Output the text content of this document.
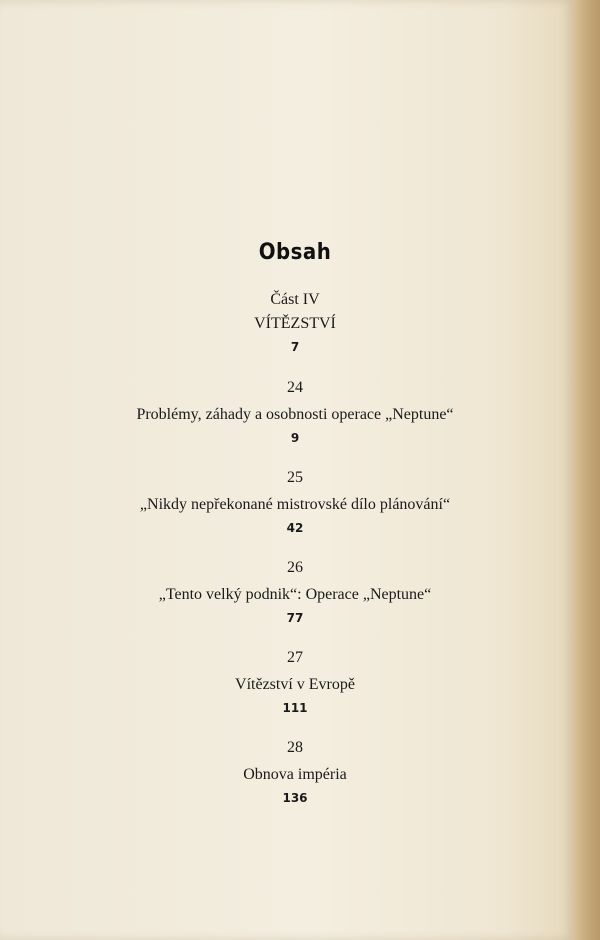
Obsah
Část IV
VÍTĚZSTVÍ
7
24
Problémy, záhady a osobnosti operace „Neptune“
9
25
„Nikdy nepřekonané mistrovské dílo plánování“
42
26
„Tento velký podnik“: Operace „Neptune“
77
27
Vítězství v Evropě
111
28
Obnova impéria
136
